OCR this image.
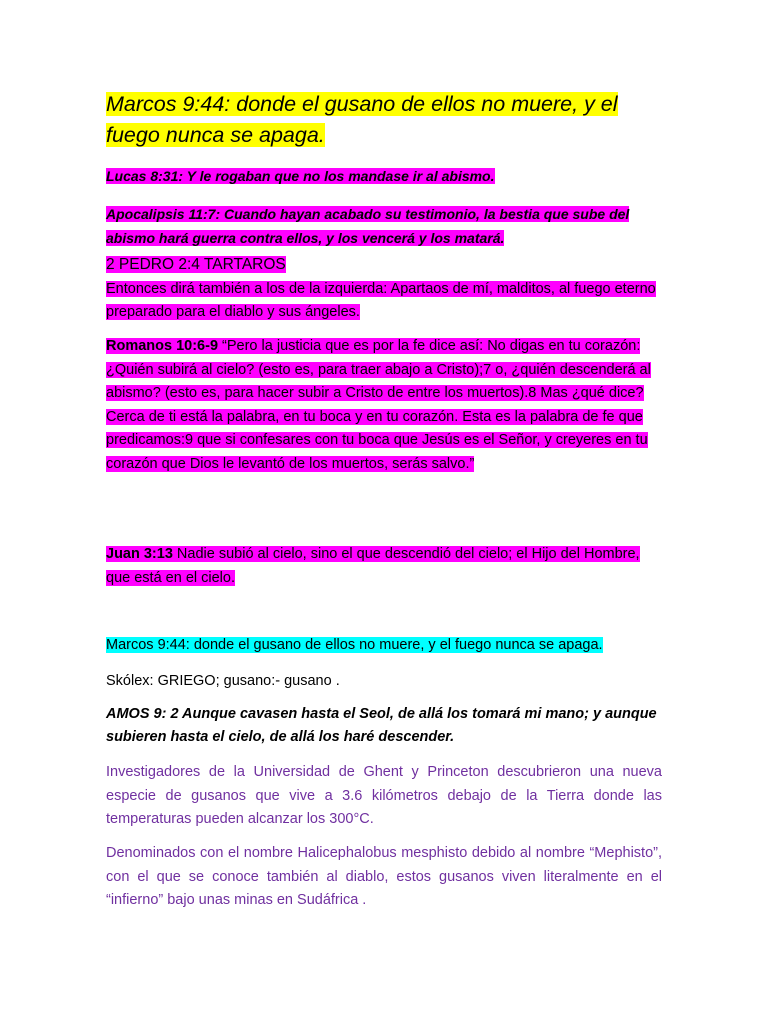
Marcos 9:44: donde el gusano de ellos no muere, y el fuego nunca se apaga.
Lucas 8:31: Y le rogaban que no los mandase ir al abismo.
Apocalipsis 11:7: Cuando hayan acabado su testimonio, la bestia que sube del abismo hará guerra contra ellos, y los vencerá y los matará.
2 PEDRO 2:4 TARTAROS
Entonces dirá también a los de la izquierda: Apartaos de mí, malditos, al fuego eterno preparado para el diablo y sus ángeles.
Romanos 10:6-9 “Pero la justicia que es por la fe dice así: No digas en tu corazón: ¿Quién subirá al cielo? (esto es, para traer abajo a Cristo);7 o, ¿quién descenderá al abismo? (esto es, para hacer subir a Cristo de entre los muertos).8 Mas ¿qué dice? Cerca de ti está la palabra, en tu boca y en tu corazón. Esta es la palabra de fe que predicamos:9 que si confesares con tu boca que Jesús es el Señor, y creyeres en tu corazón que Dios le levantó de los muertos, serás salvo.”
Juan 3:13 Nadie subió al cielo, sino el que descendió del cielo; el Hijo del Hombre, que está en el cielo.
Marcos 9:44: donde el gusano de ellos no muere, y el fuego nunca se apaga.
Skólex: GRIEGO; gusano:- gusano .
AMOS 9: 2 Aunque cavasen hasta el Seol, de allá los tomará mi mano; y aunque subieren hasta el cielo, de allá los haré descender.
Investigadores de la Universidad de Ghent y Princeton descubrieron una nueva especie de gusanos que vive a 3.6 kilómetros debajo de la Tierra donde las temperaturas pueden alcanzar los 300°C.
Denominados con el nombre Halicephalobus mesphisto debido al nombre “Mephisto”, con el que se conoce también al diablo, estos gusanos viven literalmente en el “infierno” bajo unas minas en Sudáfrica .
